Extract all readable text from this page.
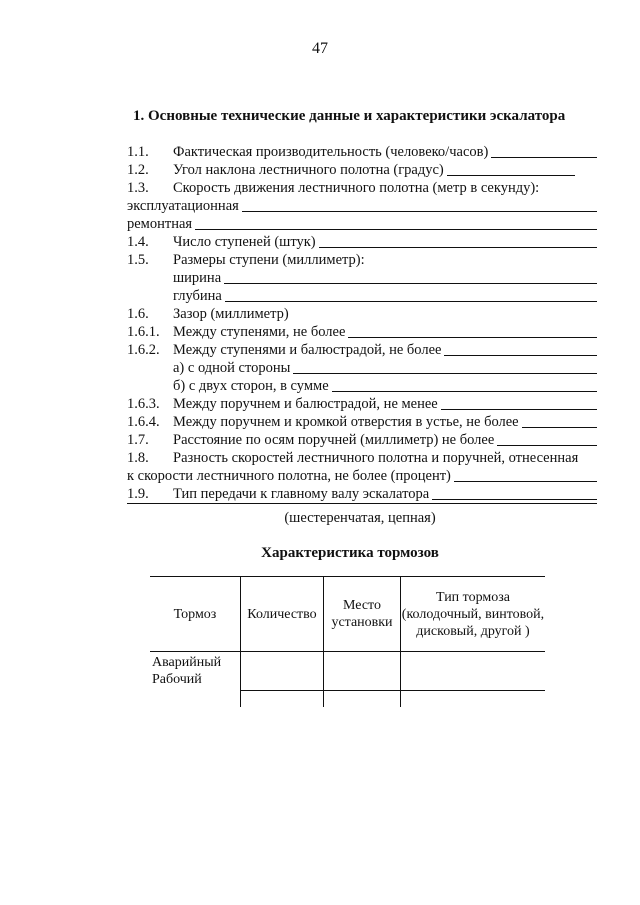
47
1. Основные технические данные и характеристики эскалатора
1.1.	Фактическая производительность (человеко/часов)
1.2.	Угол наклона лестничного полотна (градус)
1.3.	Скорость движения лестничного полотна (метр в секунду):
эксплуатационная
ремонтная
1.4.	Число ступеней (штук)
1.5.	Размеры ступени (миллиметр):
ширина
глубина
1.6.	Зазор (миллиметр)
1.6.1. Между ступенями, не более
1.6.2. Между ступенями и балюстрадой, не более
а) с одной стороны
б) с двух сторон, в сумме
1.6.3. Между поручнем и балюстрадой, не менее
1.6.4. Между поручнем и кромкой отверстия в устье, не более
1.7.	Расстояние по осям поручней (миллиметр) не более
1.8.	Разность скоростей лестничного полотна и поручней, отнесенная
к скорости лестничного полотна, не более (процент)
1.9.	Тип передачи к главному валу эскалатора
(шестеренчатая, цепная)
Характеристика тормозов
Тормоз	Количество	Место установки	Тип тормоза (колодочный, винтовой, дисковый, другой )
Аварийный
Рабочий			
